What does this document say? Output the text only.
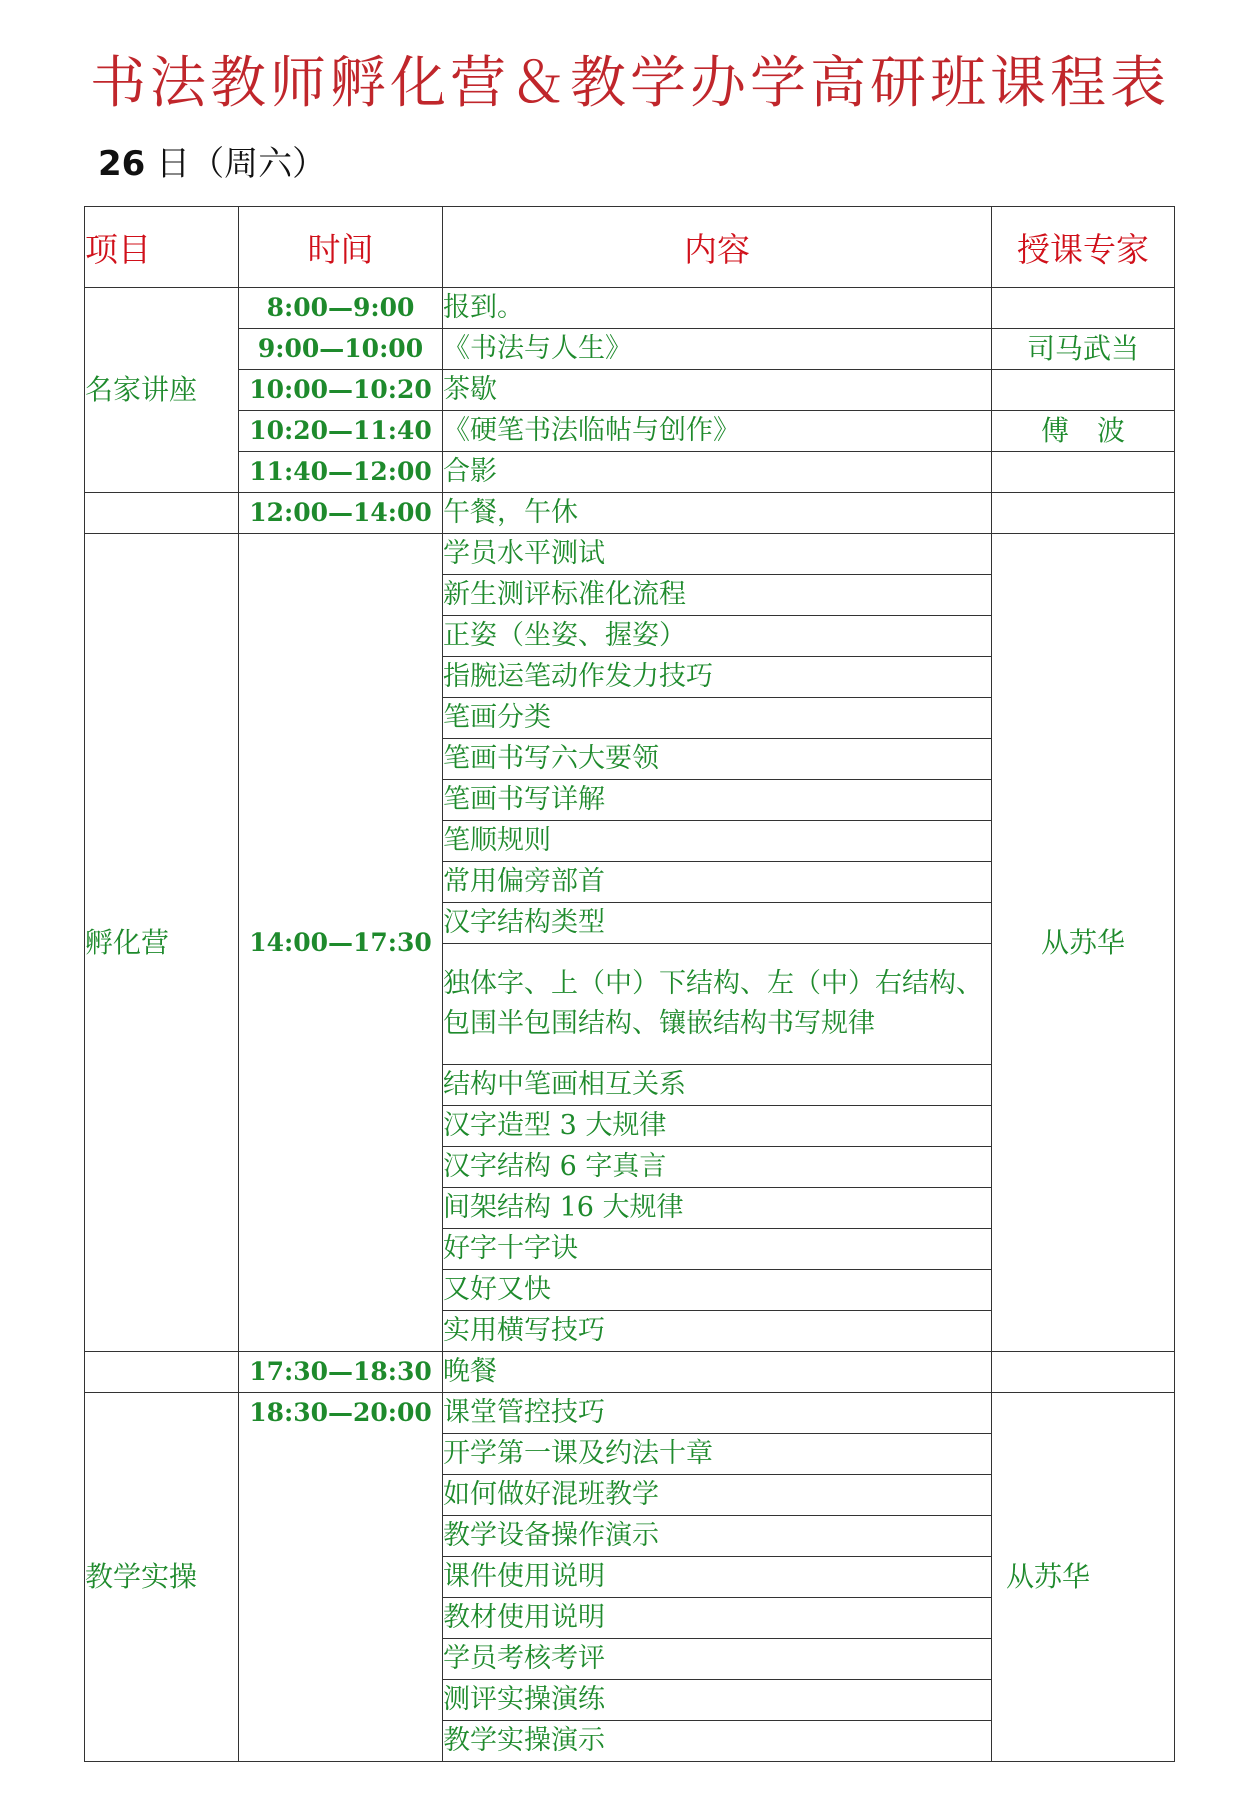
书法教师孵化营＆教学办学高研班课程表
26 日（周六）
项目	时间	内容	授课专家
名家讲座	8:00—9:00	报到。	
	9:00—10:00	《书法与人生》	司马武当
	10:00—10:20	茶歇	
	10:20—11:40	《硬笔书法临帖与创作》	傅　波
	11:40—12:00	合影	
	12:00—14:00	午餐，午休	
孵化营	14:00—17:30	学员水平测试	从苏华
		新生测评标准化流程	
		正姿（坐姿、握姿）	
		指腕运笔动作发力技巧	
		笔画分类	
		笔画书写六大要领	
		笔画书写详解	
		笔顺规则	
		常用偏旁部首	
		汉字结构类型	
		独体字、上（中）下结构、左（中）右结构、包围半包围结构、镶嵌结构书写规律	
		结构中笔画相互关系	
		汉字造型 3 大规律	
		汉字结构 6 字真言	
		间架结构 16 大规律	
		好字十字诀	
		又好又快	
		实用横写技巧	
	17:30—18:30	晚餐	
教学实操	18:30—20:00	课堂管控技巧	从苏华
		开学第一课及约法十章	
		如何做好混班教学	
		教学设备操作演示	
		课件使用说明	
		教材使用说明	
		学员考核考评	
		测评实操演练	
		教学实操演示	
